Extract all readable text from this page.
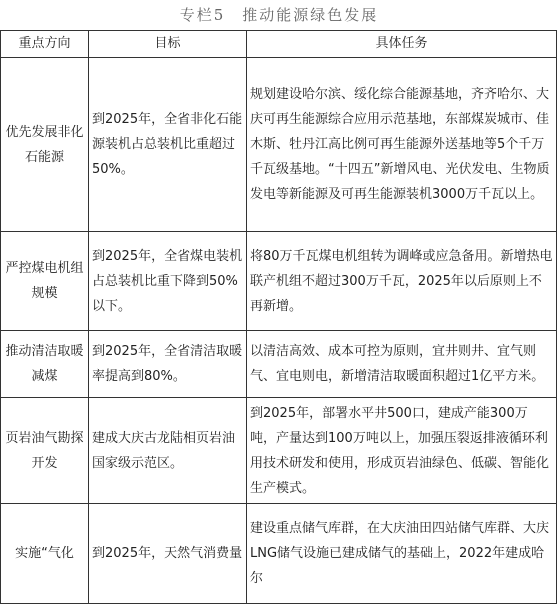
专栏5　推动能源绿色发展
重点方向	目标	具体任务
优先发展非化石能源	到2025年，全省非化石能源装机占总装机比重超过50%。	规划建设哈尔滨、绥化综合能源基地，齐齐哈尔、大庆可再生能源综合应用示范基地，东部煤炭城市、佳木斯、牡丹江高比例可再生能源外送基地等5个千万千瓦级基地。“十四五”新增风电、光伏发电、生物质发电等新能源及可再生能源装机3000万千瓦以上。
严控煤电机组规模	到2025年，全省煤电装机占总装机比重下降到50%以下。	将80万千瓦煤电机组转为调峰或应急备用。新增热电联产机组不超过300万千瓦，2025年以后原则上不再新增。
推动清洁取暖减煤	到2025年，全省清洁取暖率提高到80%。	以清洁高效、成本可控为原则，宜井则井、宜气则气、宜电则电，新增清洁取暖面积超过1亿平方米。
页岩油气勘探开发	建成大庆古龙陆相页岩油国家级示范区。	到2025年，部署水平井500口，建成产能300万吨，产量达到100万吨以上，加强压裂返排液循环利用技术研发和使用，形成页岩油绿色、低碳、智能化生产模式。
实施“气化	到2025年，天然气消费量	建设重点储气库群，在大庆油田四站储气库群、大庆LNG储气设施已建成储气的基础上，2022年建成哈尔
